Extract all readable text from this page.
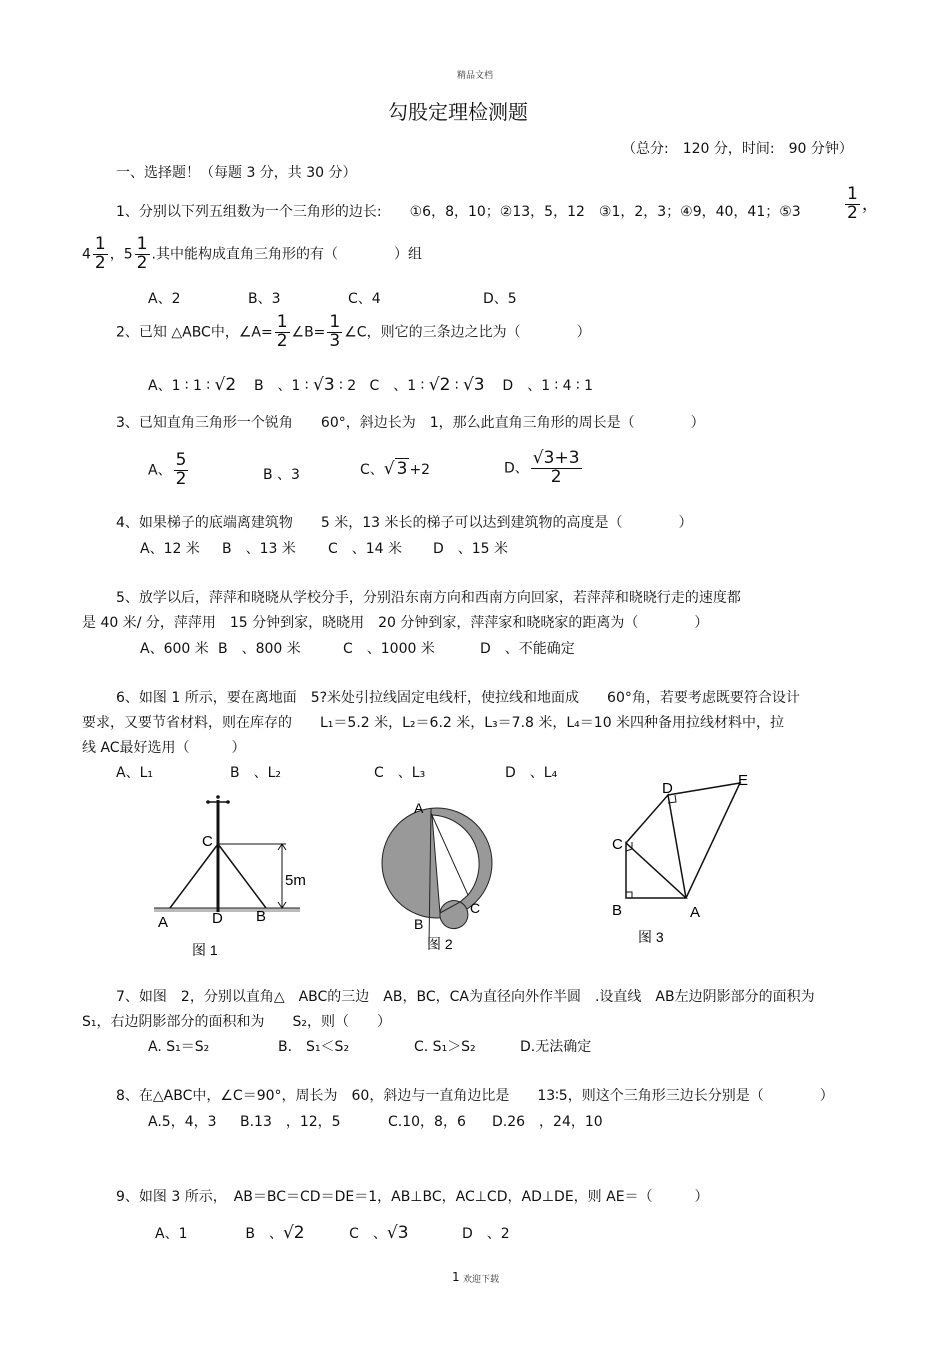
精品文档
勾股定理检测题
（总分:　120 分，时间:　90 分钟）
一、选择题！（每题 3 分，共 30 分）
1、分别以下列五组数为一个三角形的边长:　　①6，8，10；②13，5，12　③1，2，3；④9，40，41；⑤3	$\frac{1}{2}$ ，
$4 \frac{1}{2}$ ，$5 \frac{1}{2}$ .其中能构成直角三角形的有（　　　　）组
A、2	B、3	C、4	D、5
2、已知 △ABC中，∠A= $\frac{1}{2}$ ∠B= $\frac{1}{3}$ ∠C，则它的三条边之比为（　　　　）
A、1 ∶ 1 ∶ √2 B　、1 ∶ √3 ∶ 2 C　、1 ∶ √2 ∶ √3 D　、1 ∶ 4 ∶ 1
3、已知直角三角形一个锐角　　60°，斜边长为　1，那么此直角三角形的周长是（　　　　）
A、 $\frac{5}{2}$	B 、3	C、√ 3 +2	D、 $\frac{√3+3}{2}$
4、如果梯子的底端离建筑物　　5 米，13 米长的梯子可以达到建筑物的高度是（　　　　）
A、12 米 B　、13 米 C　、14 米 D　、15 米
5、放学以后，萍萍和晓晓从学校分手，分别沿东南方向和西南方向回家，若萍萍和晓晓行走的速度都
是 40 米/ 分，萍萍用　15 分钟到家，晓晓用　20 分钟到家，萍萍家和晓晓家的距离为（　　　　）
A、600 米 B　、800 米	C　、1000 米	D　、不能确定
6、如图 1 所示，要在离地面　5?米处引拉线固定电线杆，使拉线和地面成　　60°角，若要考虑既要符合设计
要求，又要节省材料，则在库存的　　L₁＝5.2 米，L₂＝6.2 米，L₃＝7.8 米，L₄＝10 米四种备用拉线材料中，拉
线 AC最好选用（　　　）
A、L₁	B　、L₂	C　、L₃	D　、L₄
C
5m
A	D B
图 1
A
B
C
图 2
D	E
C
B	A
图 3
7、如图　2，分别以直角△　ABC的三边　AB，BC，CA为直径向外作半圆　.设直线　AB左边阴影部分的面积为
S₁，右边阴影部分的面积和为　　S₂，则（　　）
A. S₁＝S₂	B.　S₁＜S₂	C. S₁＞S₂	D.无法确定
8、在△ABC中，∠C＝90°，周长为　60，斜边与一直角边比是　　13∶5，则这个三角形三边长分别是（　　　　）
A.5，4，3 B.13　，12，5	C.10，8，6 D.26　，24，10
9、如图 3 所示，　AB＝BC＝CD＝DE＝1，AB⊥BC，AC⊥CD，AD⊥DE，则 AE＝（　　　）
A、1	B　、√2	C　、√3	D　、2
1 欢迎下载
